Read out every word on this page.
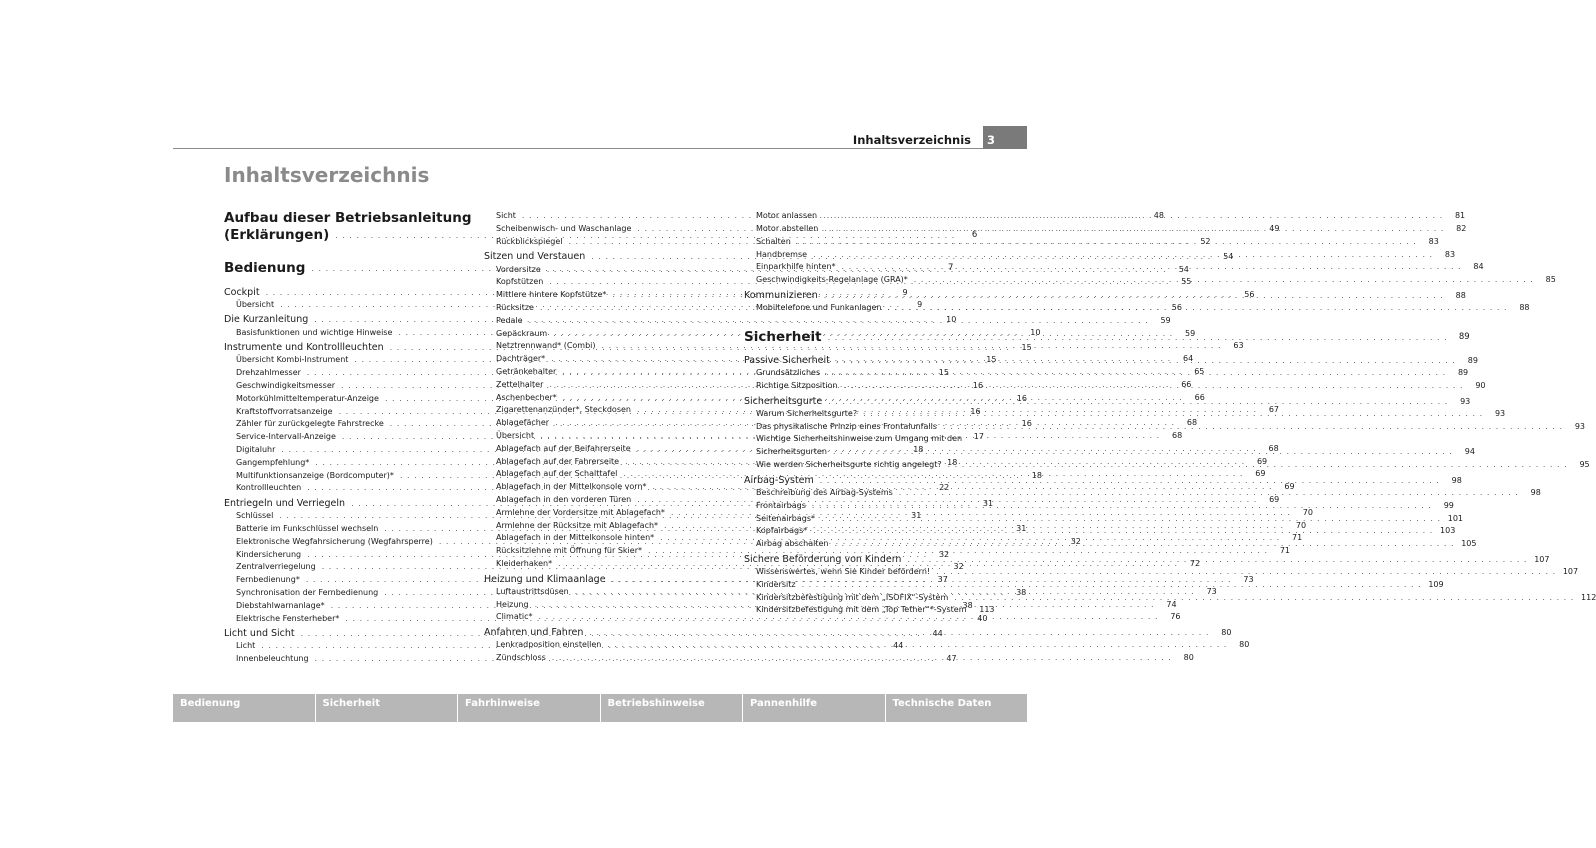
Inhaltsverzeichnis 3
Inhaltsverzeichnis
Aufbau dieser Betriebsanleitung
(Erklärungen) . . .	6
Bedienung . . .	7
Cockpit . . .	9
Übersicht . . .	9
Die Kurzanleitung . . .	10
Basisfunktionen und wichtige Hinweise . . .	10
Instrumente und Kontrollleuchten . . .	15
Übersicht Kombi-Instrument . . .	15
Drehzahlmesser . . .	15
Geschwindigkeitsmesser . . .	16
Motorkühlmitteltemperatur-Anzeige . . .	16
Kraftstoffvorratsanzeige . . .	16
Zähler für zurückgelegte Fahrstrecke . . .	16
Service-Intervall-Anzeige . . .	17
Digitaluhr . . .	18
Gangempfehlung* . . .	18
Multifunktionsanzeige (Bordcomputer)* . . .	18
Kontrollleuchten . . .	22
Entriegeln und Verriegeln . . .	31
Schlüssel . . .	31
Batterie im Funkschlüssel wechseln . . .	31
Elektronische Wegfahrsicherung (Wegfahrsperre) . . .	32
Kindersicherung . . .	32
Zentralverriegelung . . .	32
Fernbedienung* . . .	37
Synchronisation der Fernbedienung . . .	38
Diebstahlwarnanlage* . . .	38
Elektrische Fensterheber* . . .	40
Licht und Sicht . . .	44
Licht . . .	44
Innenbeleuchtung . . .	47
Sicht . . .	48
Scheibenwisch- und Waschanlage . . .	49
Rückblickspiegel . . .	52
Sitzen und Verstauen . . .	54
Vordersitze . . .	54
Kopfstützen . . .	55
Mittlere hintere Kopfstütze* . . .	56
Rücksitze . . .	56
Pedale . . .	59
Gepäckraum . . .	59
Netztrennwand* (Combi) . . .	63
Dachträger* . . .	64
Getränkehalter . . .	65
Zettelhalter . . .	66
Aschenbecher* . . .	66
Zigarettenanzünder*, Steckdosen . . .	67
Ablagefächer . . .	68
Übersicht . . .	68
Ablagefach auf der Beifahrerseite . . .	68
Ablagefach auf der Fahrerseite . . .	69
Ablagefach auf der Schalttafel . . .	69
Ablagefach in der Mittelkonsole vorn* . . .	69
Ablagefach in den vorderen Türen . . .	69
Armlehne der Vordersitze mit Ablagefach* . . .	70
Armlehne der Rücksitze mit Ablagefach* . . .	70
Ablagefach in der Mittelkonsole hinten* . . .	71
Rücksitzlehne mit Öffnung für Skier* . . .	71
Kleiderhaken* . . .	72
Heizung und Klimaanlage . . .	73
Luftaustrittsdüsen . . .	73
Heizung . . .	74
Climatic* . . .	76
Anfahren und Fahren . . .	80
Lenkradposition einstellen . . .	80
Zündschloss . . .	80
Motor anlassen . . .	81
Motor abstellen . . .	82
Schalten . . .	83
Handbremse . . .	83
Einparkhilfe hinten* . . .	84
Geschwindigkeits-Regelanlage (GRA)* . . .	85
Kommunizieren . . .	88
Mobiltelefone und Funkanlagen . . .	88
Sicherheit . . .	89
Passive Sicherheit . . .	89
Grundsätzliches . . .	89
Richtige Sitzposition . . .	90
Sicherheitsgurte . . .	93
Warum Sicherheitsgurte? . . .	93
Das physikalische Prinzip eines Frontalunfalls . . .	93
Wichtige Sicherheitshinweise zum Umgang mit den
Sicherheitsgurten . . .	94
Wie werden Sicherheitsgurte richtig angelegt? . . .	95
Airbag-System . . .	98
Beschreibung des Airbag-Systems . . .	98
Frontairbags . . .	99
Seitenairbags* . . .	101
Kopfairbags* . . .	103
Airbag abschalten . . .	105
Sichere Beförderung von Kindern . . .	107
Wissenswertes, wenn Sie Kinder befördern! . . .	107
Kindersitz . . .	109
Kindersitzbefestigung mit dem „ISOFIX“-System . . .	112
Kindersitzbefestigung mit dem „Top Tether“*-System 113
Bedienung	Sicherheit	Fahrhinweise	Betriebshinweise	Pannenhilfe	Technische Daten
